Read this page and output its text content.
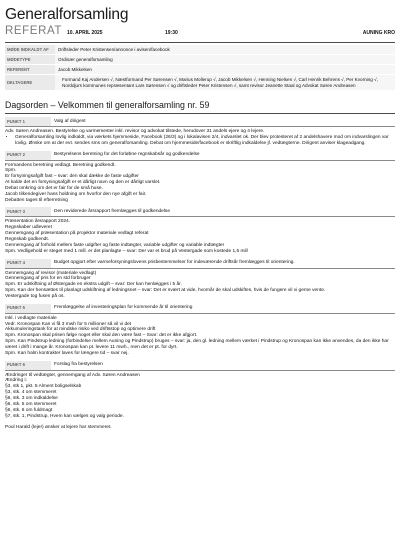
Generalforsamling
REFERAT 10. APRIL 2025	19:30	AUNING KRO
MØDE INDKALDT AF	Driftsleder Peter Kristensen/annonce i avisen/facebook
MØDETYPE	Ordinær generalforsamling
REFERENT	Jacob Mikkelsen
DELTAGERE	Formand Kaj Andersen √, Næstformand Per Sørensen √, Marius Mollerup √, Jacob Mikkelsen √, Henning Nielsen √, Carl Henrik Behrens √, Per Kvorning √, Norddjurs kommunes repræsentant Lars Sørensen √ og driftsleder Peter Kristensen √, samt revisor Jeanette Staal og Advokat Søren Andreasen
Dagsorden – Velkommen til generalforsamling nr. 59
PUNKT 1	Valg af dirigent
Adv. Søren Andreasen. Bestyrelse og varmemester inkl. revisor og advokat tilstede, herudover 31 andels ejere og 4 lejere.
• Generalforsamling lovlig indkaldt, via værkets hjemmeside, Facebook (26/3) og i lokalavisen 2/4, indvarslet ok. Der blev protesteret af 2 andelshavere mod om indvarslingen var lovlig. Ønske om at der evt. sendes sms om generalforsamling. Debat om hjemmeside/facebook er skriftlig indkaldelse jf. vedtægterne. Dirigent anviser klageadgang.
PUNKT 2	Bestyrelsens beretning for det forløbne regnskabsår og godkendelse
Formandens beretning vedlagt. Beretning godkendt.
Spm.
Er forsyningsafgift fast – svar: den skal dække de faste udgifter
At kalde det en forsyningsafgift er et dårligt navn og den er dårligt varslet.
Debat omkring om det er fair for de små huse.
Jacob tilkendegiver hans holdning om hvorfor den nye afgift er fair.
Debatten tages til efterretning
PUNKT 3	Den reviderede årsrapport fremlægges til godkendelse
Præsentation årsrapport 2024.
Regnskaber udleveret
Gennemgang af præsentation på projektor materiale vedlagt referat
Regnskab godkendt.
Gennemgang af forhold mellem faste udgifter og faste indtægter, variable udgifter og variable indtægter
Spm. Vedligehold er steget med 1 mill. er det planlagte – svar: Der var et brud på Vestergade som kostede 1,5 mill
PUNKT 4	Budget opgjort efter varmeforsyningslovens prisbestemmelser for indeværende driftsår fremlægges til orientering.
Gennemgang af revisor (materiale vedlagt)
Gennemgang af pris for en std forbruger
Spm. Er udskiftning af Østergade en ekstra udgift – svar: Der kan henlægges i 5 år.
Spm. Kan der hensættes til planlagt udskiftning af ledningsnet – svar: Det er svært at vide, hvornår de skal udskiftes, hvis de fungere vil vi gerne vente.
Vestergade tog fusen på os.
PUNKT 5	Fremlæggelse af investeringsplan for kommende år til orientering
Inkl. i vedlagte materiale
Vedr. Kronospan Kan vi få 3 mwh for 5 millioner så vil vi det
Akkumuleringstank for at mindske risiko ved driftsstop og optimere drift
Spm. Kronospan skal prisen følge noget eller skal den være fast – Svar: det er ikke afgjort.
Spm. Kan Pindstrup ledning (forbindelse mellem Auning og Pindstrup) bruges – svar: ja, den gl. ledning mellem værket i Pindstrup og Kronospan kan ikke anvendes, da den ikke har været i drift i mange år. Kronospan kan pt. levere 11 mwh., men det er pt. for dyrt.
Spm. Kan halm kontrakter laves for længere tid – svar nej.
PUNKT 6	Forslag fra bestyrelsen
Ændringer til vedtægter, gennemgang af Adv. Søren Andreasen
Ændring i:
§3, stk 1, pkt. 5 Alment boligselskab
§3, stk. 4 om stemmeret
§6, stk. 3 om indkaldelse
§6, stk. 5 om stemmeret
§6, stk. 6 om fuldmagt
§7, stk. 1, Pindstrup, Hvem kan vælges og valg periode.

Poul Harald (lejer) ønsker at lejere har stemmeret.
